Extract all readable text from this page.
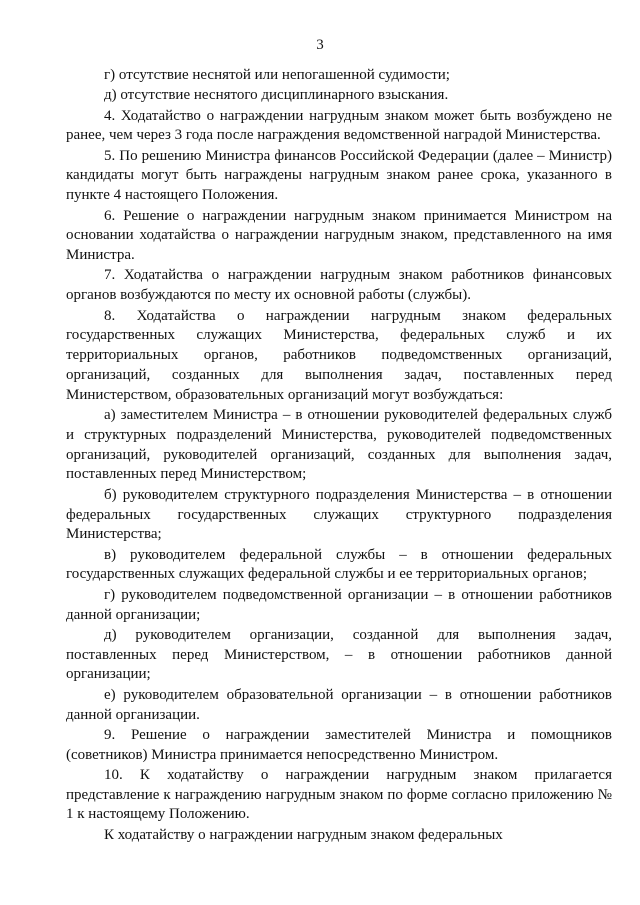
3

г) отсутствие неснятой или непогашенной судимости;

д) отсутствие неснятого дисциплинарного взыскания.

4. Ходатайство о награждении нагрудным знаком может быть возбуждено не ранее, чем через 3 года после награждения ведомственной наградой Министерства.

5. По решению Министра финансов Российской Федерации (далее – Министр) кандидаты могут быть награждены нагрудным знаком ранее срока, указанного в пункте 4 настоящего Положения.

6. Решение о награждении нагрудным знаком принимается Министром на основании ходатайства о награждении нагрудным знаком, представленного на имя Министра.

7. Ходатайства о награждении нагрудным знаком работников финансовых органов возбуждаются по месту их основной работы (службы).

8. Ходатайства о награждении нагрудным знаком федеральных государственных служащих Министерства, федеральных служб и их территориальных органов, работников подведомственных организаций, организаций, созданных для выполнения задач, поставленных перед Министерством, образовательных организаций могут возбуждаться:

а) заместителем Министра – в отношении руководителей федеральных служб и структурных подразделений Министерства, руководителей подведомственных организаций, руководителей организаций, созданных для выполнения задач, поставленных перед Министерством;

б) руководителем структурного подразделения Министерства – в отношении федеральных государственных служащих структурного подразделения Министерства;

в) руководителем федеральной службы – в отношении федеральных государственных служащих федеральной службы и ее территориальных органов;

г) руководителем подведомственной организации – в отношении работников данной организации;

д) руководителем организации, созданной для выполнения задач, поставленных перед Министерством, – в отношении работников данной организации;

е) руководителем образовательной организации – в отношении работников данной организации.

9. Решение о награждении заместителей Министра и помощников (советников) Министра принимается непосредственно Министром.

10. К ходатайству о награждении нагрудным знаком прилагается представление к награждению нагрудным знаком по форме согласно приложению № 1 к настоящему Положению.

К ходатайству о награждении нагрудным знаком федеральных
